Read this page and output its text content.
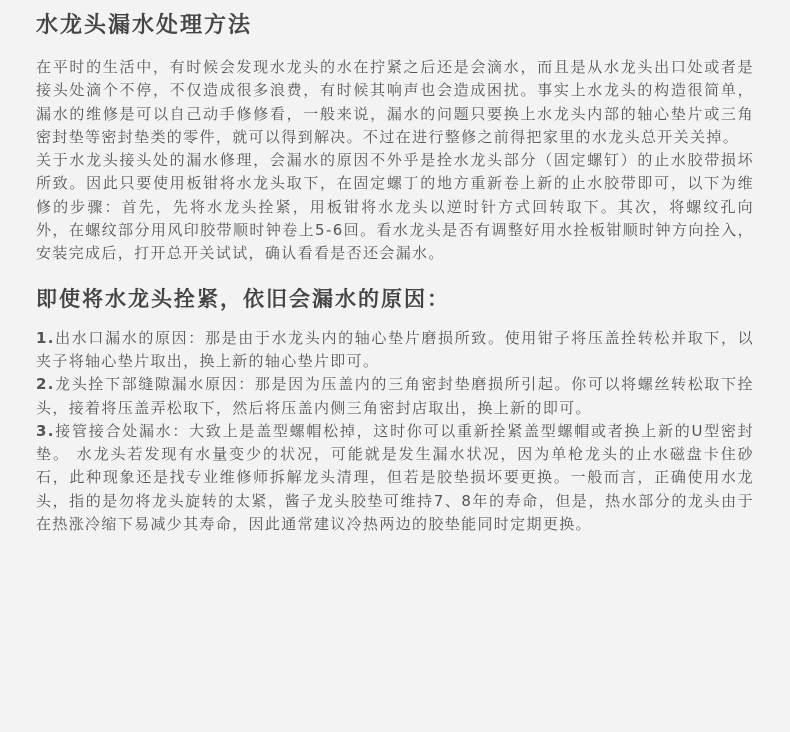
水龙头漏水处理方法

在平时的生活中，有时候会发现水龙头的水在拧紧之后还是会滴水，而且是从水龙头出口处或者是接头处滴个不停，不仅造成很多浪费，有时候其响声也会造成困扰。事实上水龙头的构造很简单，漏水的维修是可以自己动手修修看，一般来说，漏水的问题只要换上水龙头内部的轴心垫片或三角密封垫等密封垫类的零件，就可以得到解决。不过在进行整修之前得把家里的水龙头总开关关掉。

关于水龙头接头处的漏水修理，会漏水的原因不外乎是拴水龙头部分（固定螺钉）的止水胶带损坏所致。因此只要使用板钳将水龙头取下，在固定螺丁的地方重新卷上新的止水胶带即可，以下为维修的步骤：首先，先将水龙头拴紧，用板钳将水龙头以逆时针方式回转取下。其次，将螺纹孔向外，在螺纹部分用风印胶带顺时钟卷上5-6回。看水龙头是否有调整好用水拴板钳顺时钟方向拴入，安装完成后，打开总开关试试，确认看看是否还会漏水。

即使将水龙头拴紧，依旧会漏水的原因：

1.出水口漏水的原因：那是由于水龙头内的轴心垫片磨损所致。使用钳子将压盖拴转松并取下，以夹子将轴心垫片取出，换上新的轴心垫片即可。

2.龙头拴下部缝隙漏水原因：那是因为压盖内的三角密封垫磨损所引起。你可以将螺丝转松取下拴头，接着将压盖弄松取下，然后将压盖内侧三角密封店取出，换上新的即可。

3.接管接合处漏水：大致上是盖型螺帽松掉，这时你可以重新拴紧盖型螺帽或者换上新的U型密封垫。 水龙头若发现有水量变少的状况，可能就是发生漏水状况，因为单枪龙头的止水磁盘卡住砂石，此种现象还是找专业维修师拆解龙头清理，但若是胶垫损坏要更换。一般而言，正确使用水龙头，指的是勿将龙头旋转的太紧，酱子龙头胶垫可维持7、8年的寿命，但是，热水部分的龙头由于在热涨冷缩下易减少其寿命，因此通常建议冷热两边的胶垫能同时定期更换。
